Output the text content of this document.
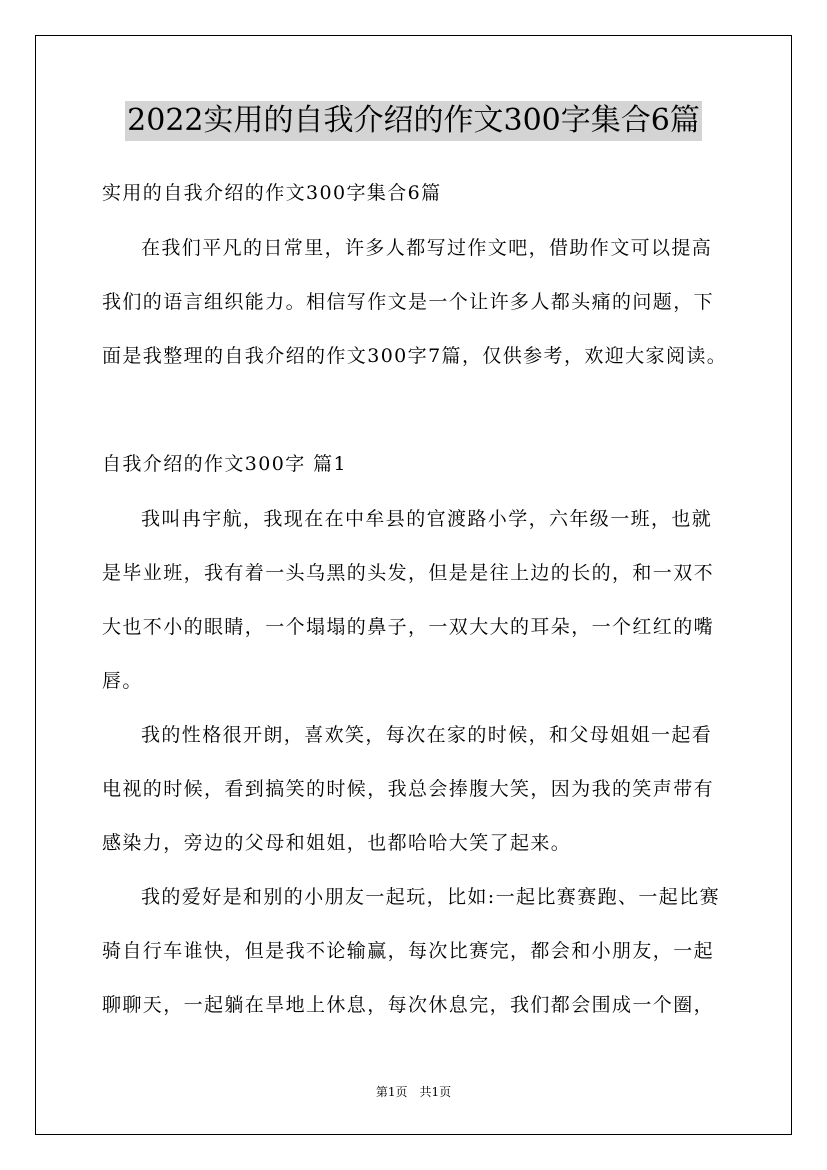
2022实用的自我介绍的作文300字集合6篇
实用的自我介绍的作文300字集合6篇
在我们平凡的日常里，许多人都写过作文吧，借助作文可以提高
我们的语言组织能力。相信写作文是一个让许多人都头痛的问题，下
面是我整理的自我介绍的作文300字7篇，仅供参考，欢迎大家阅读。
自我介绍的作文300字 篇1
我叫冉宇航，我现在在中牟县的官渡路小学，六年级一班，也就
是毕业班，我有着一头乌黑的头发，但是是往上边的长的，和一双不
大也不小的眼睛，一个塌塌的鼻子，一双大大的耳朵，一个红红的嘴
唇。
我的性格很开朗，喜欢笑，每次在家的时候，和父母姐姐一起看
电视的时候，看到搞笑的时候，我总会捧腹大笑，因为我的笑声带有
感染力，旁边的父母和姐姐，也都哈哈大笑了起来。
我的爱好是和别的小朋友一起玩，比如:一起比赛赛跑、一起比赛
骑自行车谁快，但是我不论输赢，每次比赛完，都会和小朋友，一起
聊聊天，一起躺在旱地上休息，每次休息完，我们都会围成一个圈，
第1页　共1页
